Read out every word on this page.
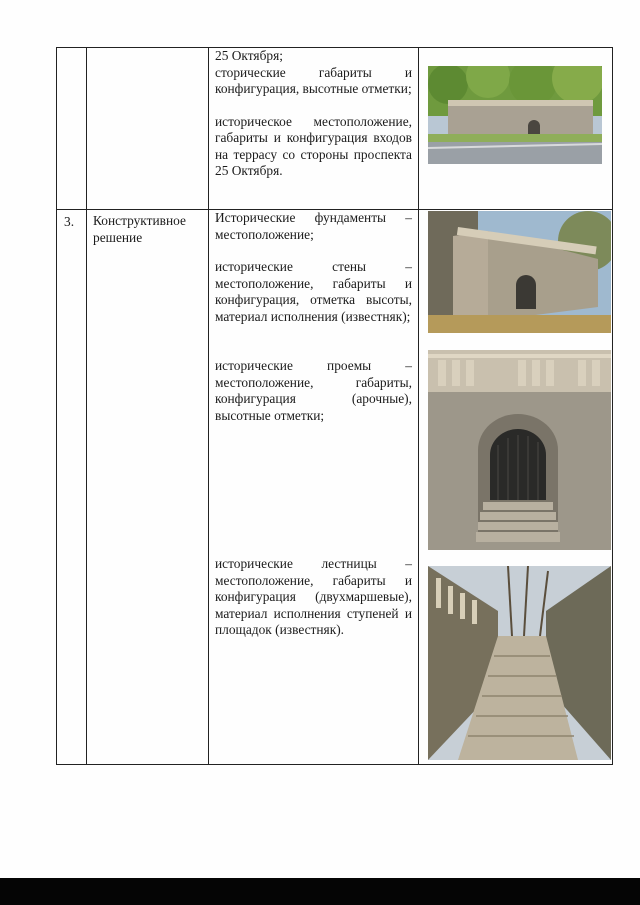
		25 Октября;
сторические габариты и конфигурация, высотные отметки;
историческое местоположение, габариты и конфигурация входов на террасу со стороны проспекта 25 Октября.

3.	Конструктивное решение	Исторические фундаменты – местоположение;
исторические стены – местоположение, габариты и конфигурация, отметка высоты, материал исполнения (известняк);
исторические проемы – местоположение, габариты, конфигурация (арочные), высотные отметки;
исторические лестницы – местоположение, габариты и конфигурация (двухмаршевые), материал исполнения ступеней и площадок (известняк).
